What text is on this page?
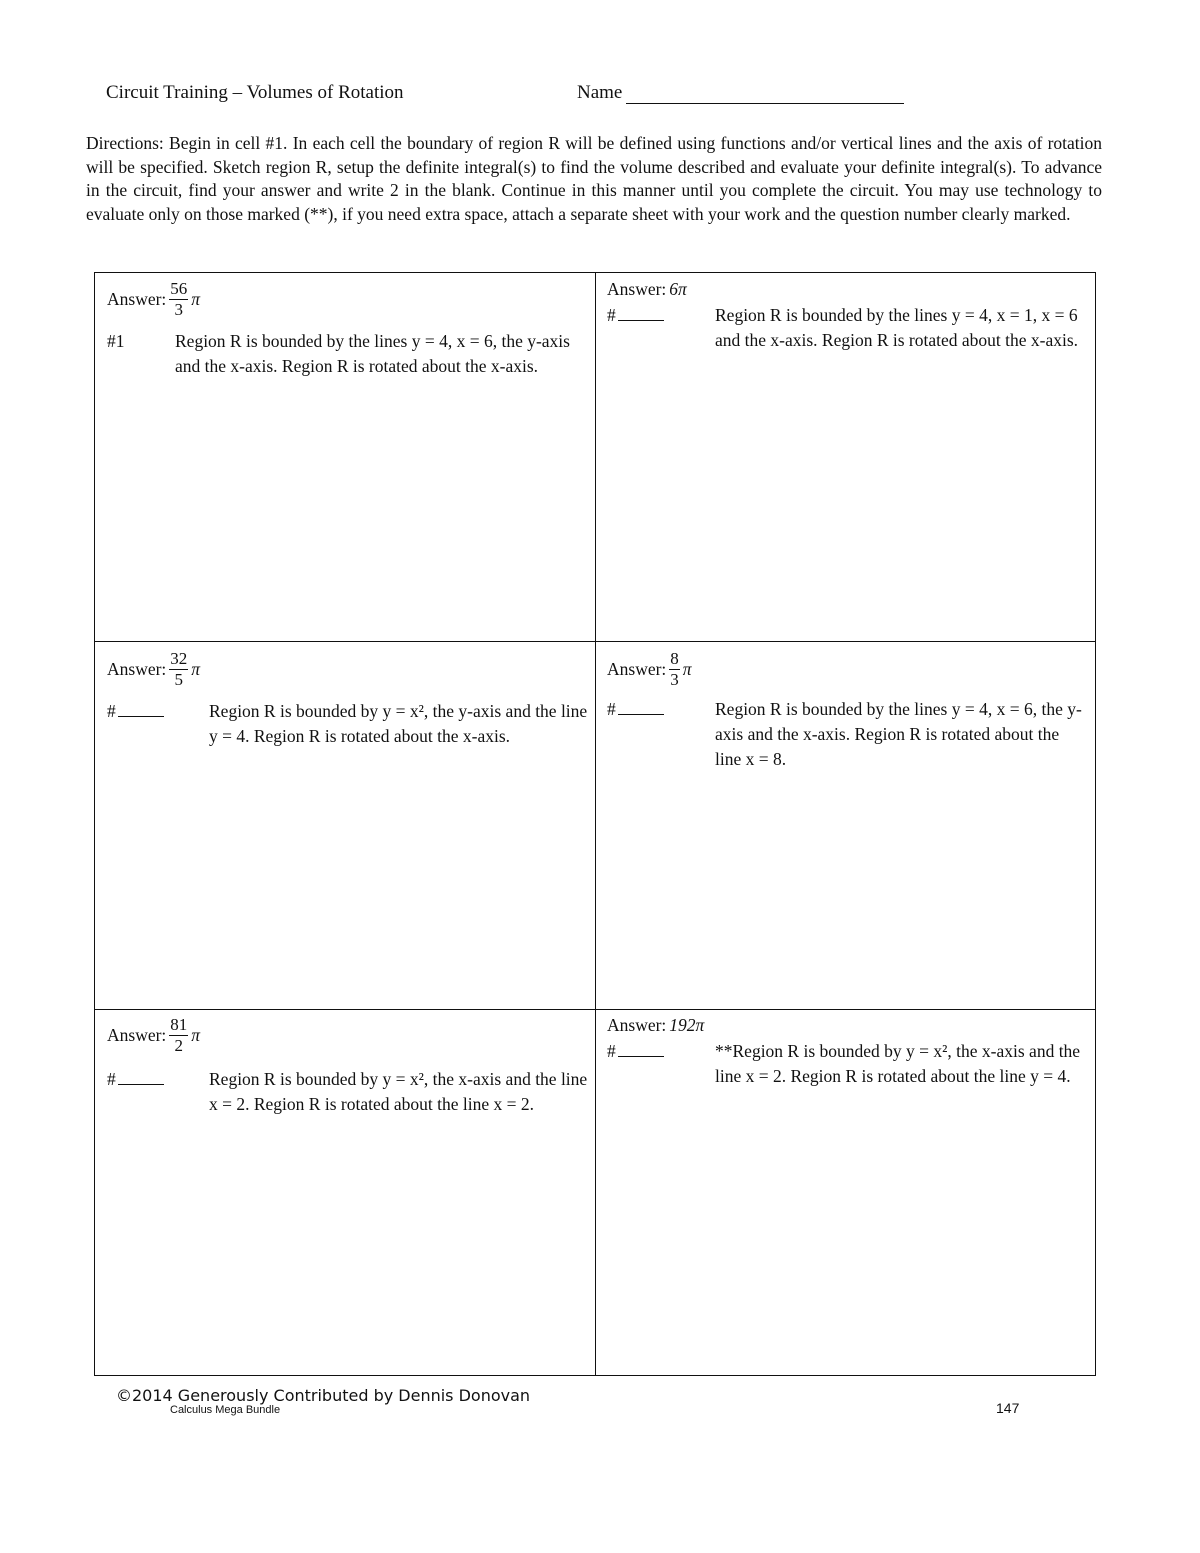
Circuit Training – Volumes of Rotation	Name
Directions: Begin in cell #1. In each cell the boundary of region R will be defined using functions and/or vertical lines and the axis of rotation will be specified. Sketch region R, setup the definite integral(s) to find the volume described and evaluate your definite integral(s). To advance in the circuit, find your answer and write 2 in the blank. Continue in this manner until you complete the circuit. You may use technology to evaluate only on those marked (**), if you need extra space, attach a separate sheet with your work and the question number clearly marked.
Answer: $\frac{56}{3}$ π
#1	Region R is bounded by the lines y = 4, x = 6, the y-axis and the x-axis. Region R is rotated about the x-axis.
Answer: 6π
#	Region R is bounded by the lines y = 4, x = 1, x = 6 and the x-axis. Region R is rotated about the x-axis.
Answer: $\frac{32}{5}$ π
#	Region R is bounded by y = x², the y-axis and the line y = 4. Region R is rotated about the x-axis.
Answer: $\frac{8}{3}$ π
#	Region R is bounded by the lines y = 4, x = 6, the y-axis and the x-axis. Region R is rotated about the line x = 8.
Answer: $\frac{81}{2}$ π
#	Region R is bounded by y = x², the x-axis and the line x = 2. Region R is rotated about the line x = 2.
Answer: 192π
#	**Region R is bounded by y = x², the x-axis and the line x = 2. Region R is rotated about the line y = 4.
©2014 Generously Contributed by Dennis Donovan
Calculus Mega Bundle	147
